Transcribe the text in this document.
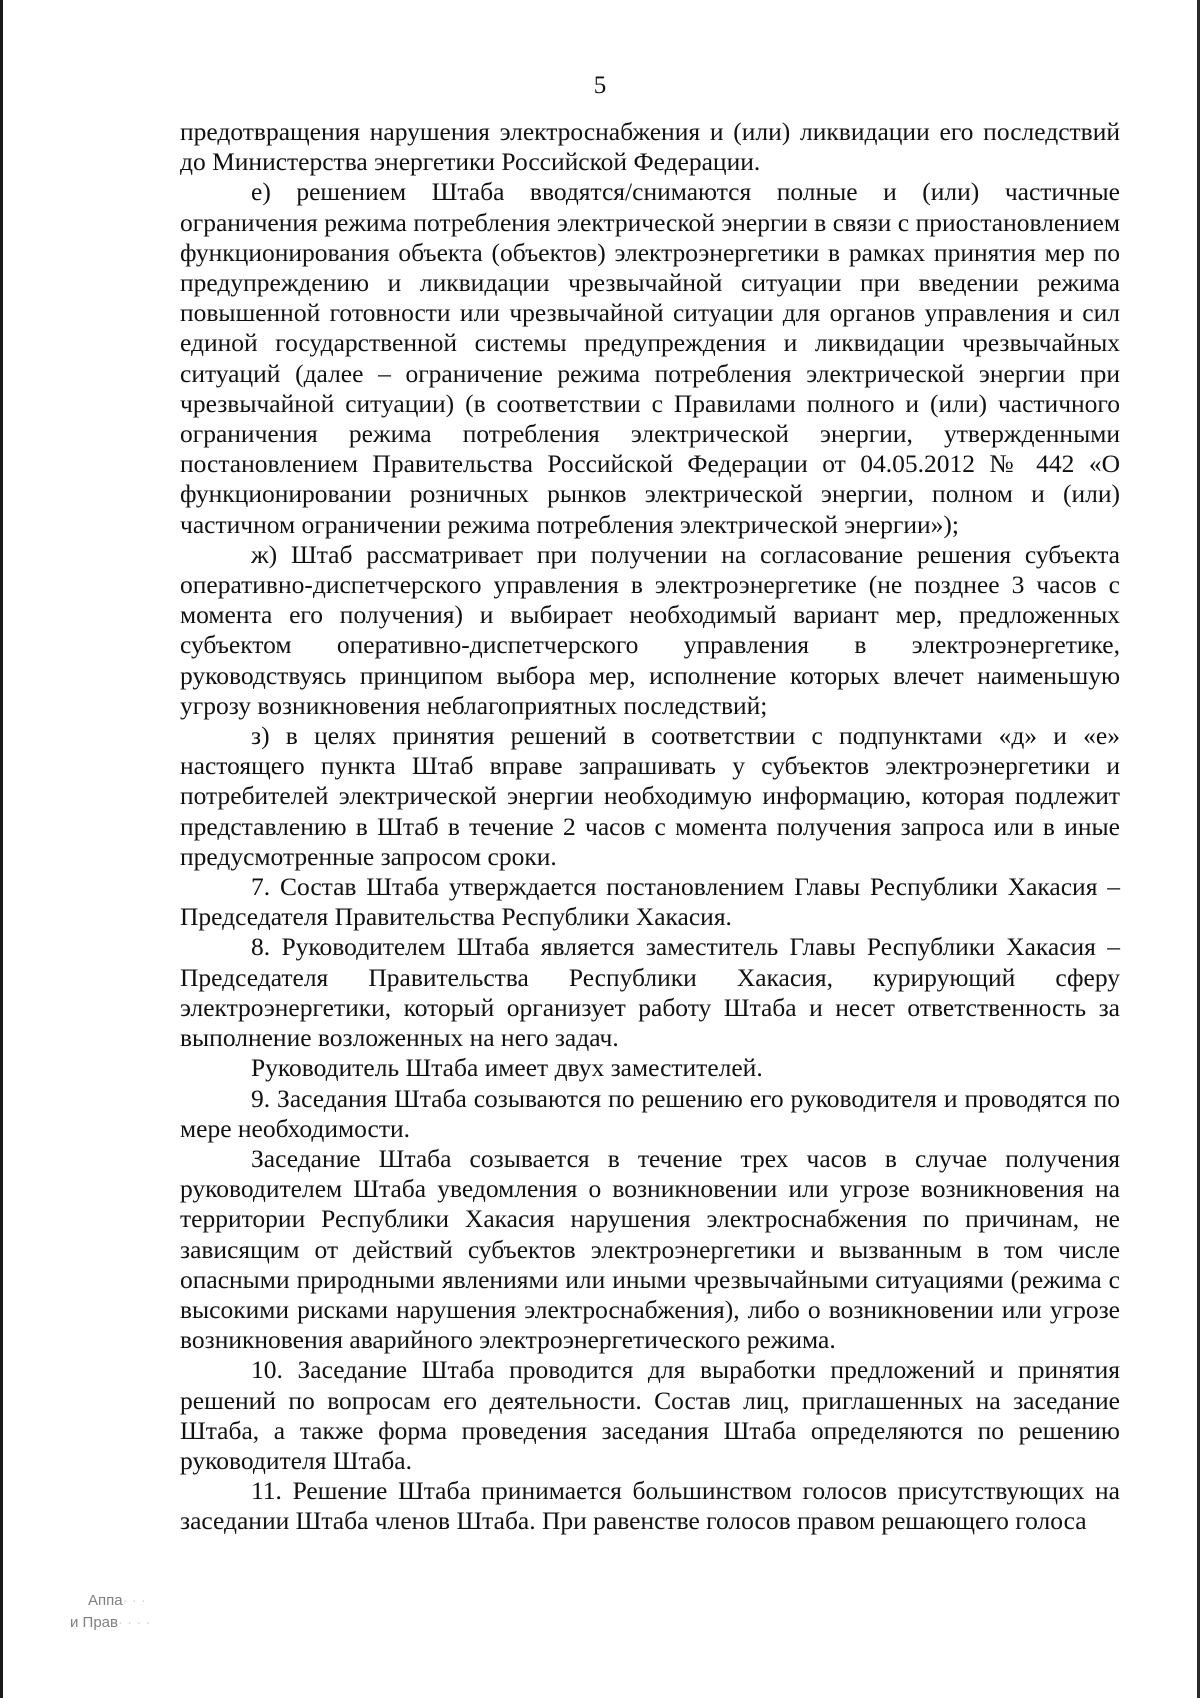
5

предотвращения нарушения электроснабжения и (или) ликвидации его последствий до Министерства энергетики Российской Федерации.

е) решением Штаба вводятся/снимаются полные и (или) частичные ограничения режима потребления электрической энергии в связи с приостановлением функционирования объекта (объектов) электроэнергетики в рамках принятия мер по предупреждению и ликвидации чрезвычайной ситуации при введении режима повышенной готовности или чрезвычайной ситуации для органов управления и сил единой государственной системы предупреждения и ликвидации чрезвычайных ситуаций (далее – ограничение режима потребления электрической энергии при чрезвычайной ситуации) (в соответствии с Правилами полного и (или) частичного ограничения режима потребления электрической энергии, утвержденными постановлением Правительства Российской Федерации от 04.05.2012 № 442 «О функционировании розничных рынков электрической энергии, полном и (или) частичном ограничении режима потребления электрической энергии»);

ж) Штаб рассматривает при получении на согласование решения субъекта оперативно-диспетчерского управления в электроэнергетике (не позднее 3 часов с момента его получения) и выбирает необходимый вариант мер, предложенных субъектом оперативно-диспетчерского управления в электроэнергетике, руководствуясь принципом выбора мер, исполнение которых влечет наименьшую угрозу возникновения неблагоприятных последствий;

з) в целях принятия решений в соответствии с подпунктами «д» и «е» настоящего пункта Штаб вправе запрашивать у субъектов электроэнергетики и потребителей электрической энергии необходимую информацию, которая подлежит представлению в Штаб в течение 2 часов с момента получения запроса или в иные предусмотренные запросом сроки.

7. Состав Штаба утверждается постановлением Главы Республики Хакасия – Председателя Правительства Республики Хакасия.

8. Руководителем Штаба является заместитель Главы Республики Хакасия – Председателя Правительства Республики Хакасия, курирующий сферу электроэнергетики, который организует работу Штаба и несет ответственность за выполнение возложенных на него задач.

Руководитель Штаба имеет двух заместителей.

9. Заседания Штаба созываются по решению его руководителя и проводятся по мере необходимости.

Заседание Штаба созывается в течение трех часов в случае получения руководителем Штаба уведомления о возникновении или угрозе возникновения на территории Республики Хакасия нарушения электроснабжения по причинам, не зависящим от действий субъектов электроэнергетики и вызванным в том числе опасными природными явлениями или иными чрезвычайными ситуациями (режима с высокими рисками нарушения электроснабжения), либо о возникновении или угрозе возникновения аварийного электроэнергетического режима.

10. Заседание Штаба проводится для выработки предложений и принятия решений по вопросам его деятельности. Состав лиц, приглашенных на заседание Штаба, а также форма проведения заседания Штаба определяются по решению руководителя Штаба.

11. Решение Штаба принимается большинством голосов присутствующих на заседании Штаба членов Штаба. При равенстве голосов правом решающего голоса

Аппа· · ·
и Прав· · · ·
